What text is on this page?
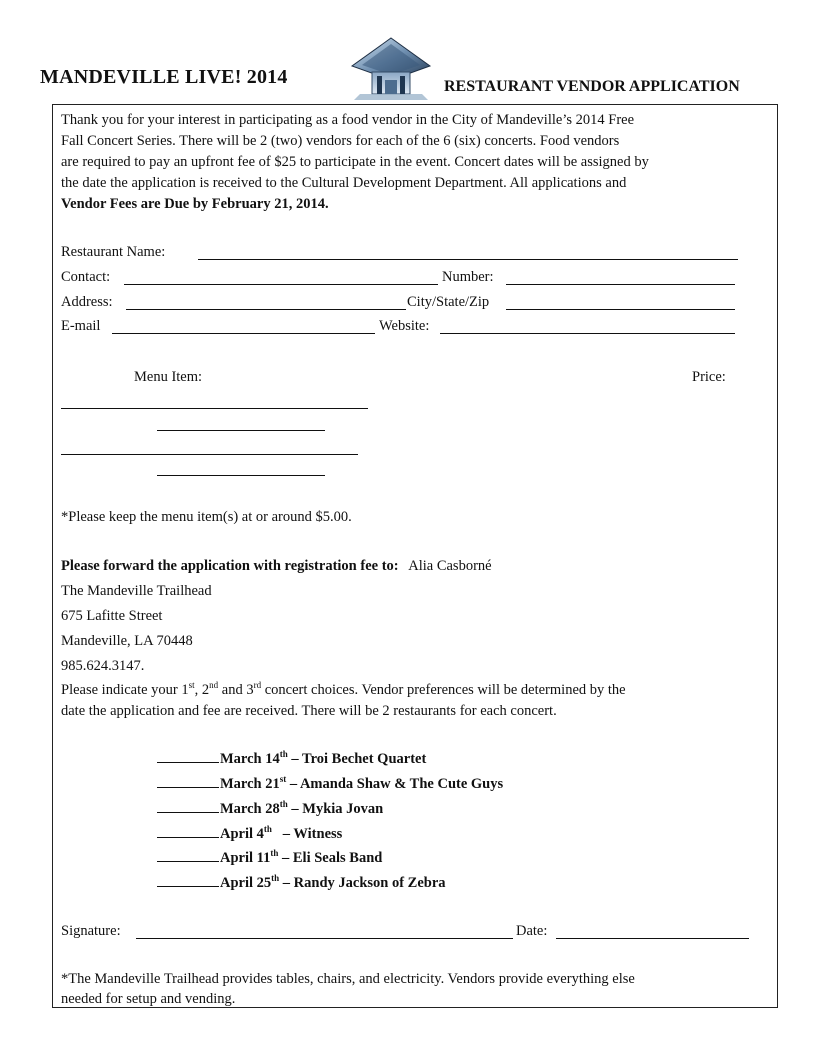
MANDEVILLE LIVE! 2014	RESTAURANT VENDOR APPLICATION
Thank you for your interest in participating as a food vendor in the City of Mandeville’s 2014 Free
Fall Concert Series. There will be 2 (two) vendors for each of the 6 (six) concerts. Food vendors
are required to pay an upfront fee of $25 to participate in the event. Concert dates will be assigned by
the date the application is received to the Cultural Development Department. All applications and
Vendor Fees are Due by February 21, 2014.
Restaurant Name:
Contact:	Number:
Address:	City/State/Zip
E-mail	Website:
Menu Item:	Price:
*Please keep the menu item(s) at or around $5.00.
Please forward the application with registration fee to: Alia Casborné
The Mandeville Trailhead
675 Lafitte Street
Mandeville, LA 70448
985.624.3147.
Please indicate your 1st, 2nd and 3rd concert choices. Vendor preferences will be determined by the
date the application and fee are received. There will be 2 restaurants for each concert.
March 14th – Troi Bechet Quartet
March 21st – Amanda Shaw & The Cute Guys
March 28th – Mykia Jovan
April 4th   – Witness
April 11th – Eli Seals Band
April 25th – Randy Jackson of Zebra
Signature:	Date:
*The Mandeville Trailhead provides tables, chairs, and electricity. Vendors provide everything else
needed for setup and vending.
